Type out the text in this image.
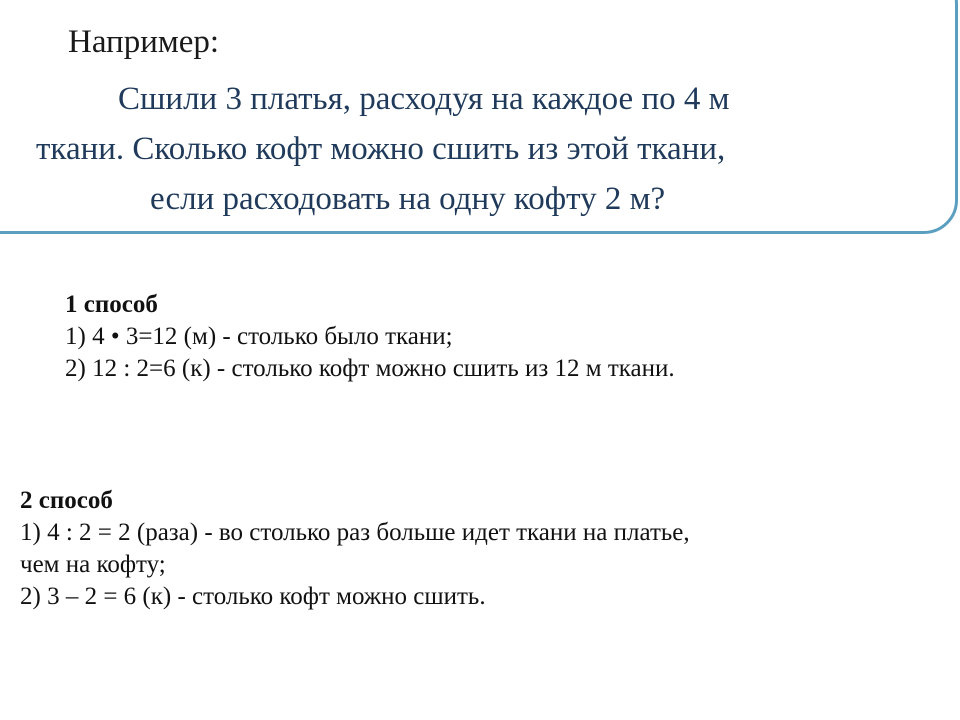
Например:
Сшили 3 платья, расходуя на каждое по 4 м
ткани. Сколько кофт можно сшить из этой ткани,
если расходовать на одну кофту 2 м?
1 способ
1) 4 • 3=12 (м) - столько было ткани;
2) 12 : 2=6 (к) - столько кофт можно сшить из 12 м ткани.
2 способ
1) 4 : 2 = 2 (раза) - во столько раз больше идет ткани на платье,
чем на кофту;
2) 3 – 2 = 6 (к) - столько кофт можно сшить.
